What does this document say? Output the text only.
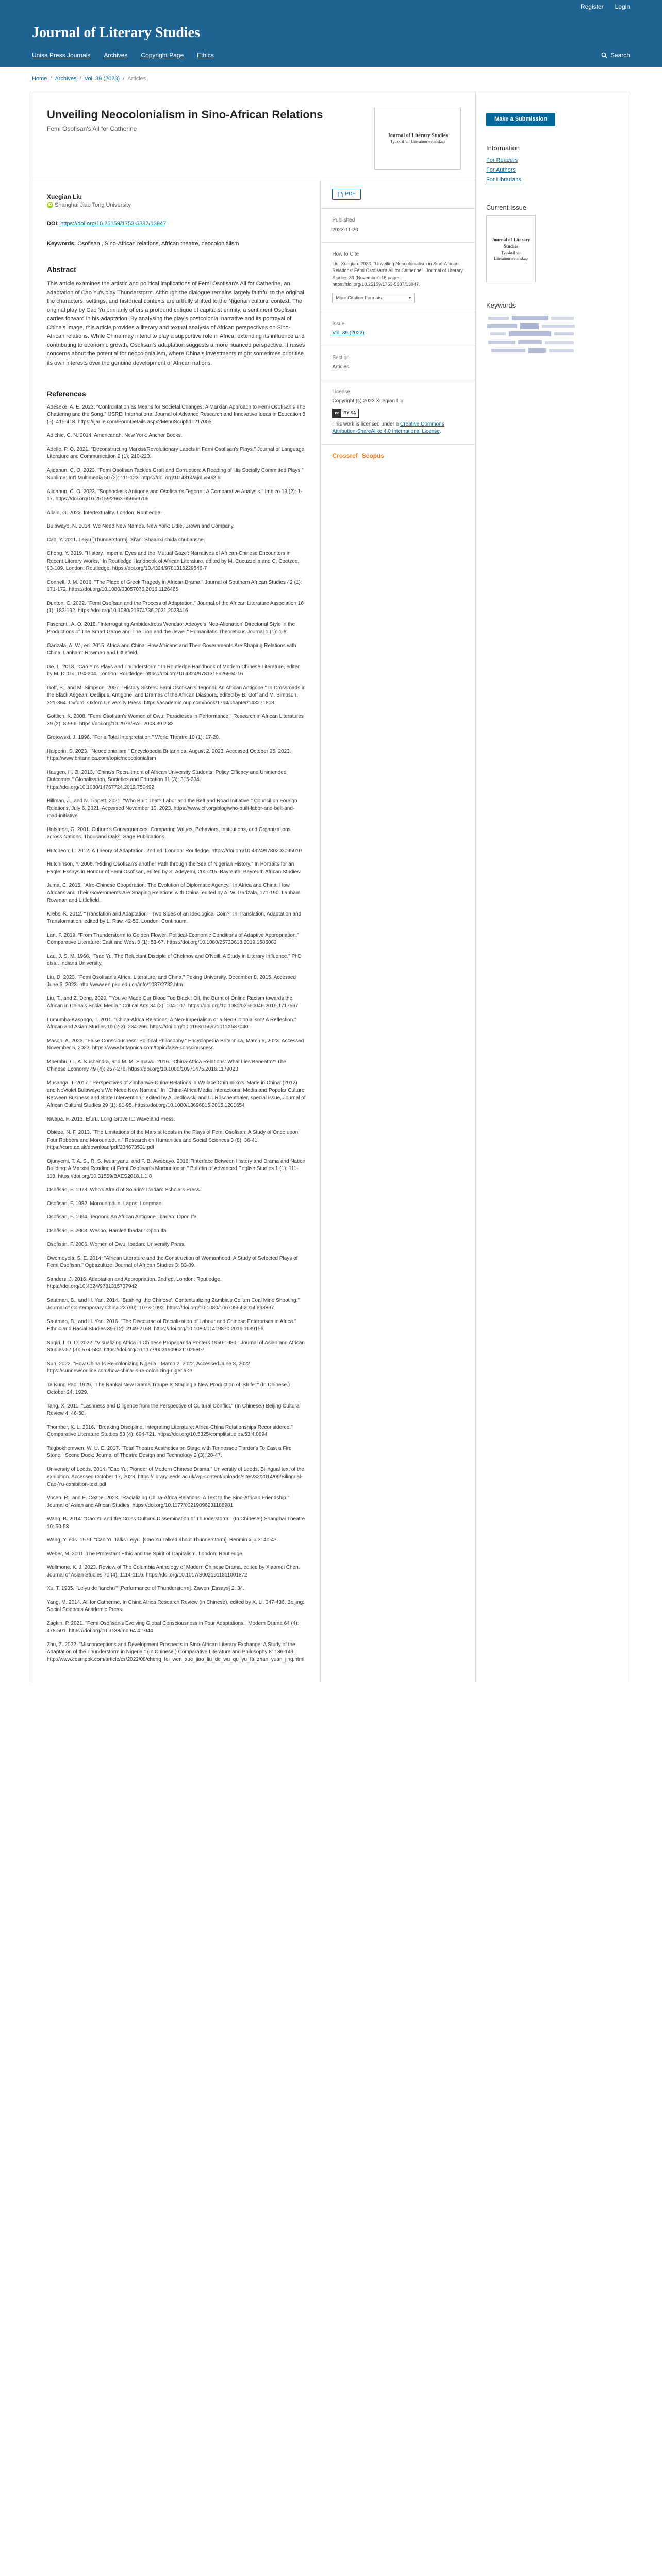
Register Login
Journal of Literary Studies
Unisa Press Journals Archives Copyright Page Ethics	Search
Home / Archives / Vol. 39 (2023) / Articles
Unveiling Neocolonialism in Sino-African Relations
Femi Osofisan's All for Catherine
Journal of Literary Studies
Tydskrif vir Literatuurwetenskap
Xuegian Liu
iD Shanghai Jiao Tong University
DOI: https://doi.org/10.25159/1753-5387/13947
Keywords: Osofisan , Sino-African relations, African theatre, neocolonialism
Abstract
This article examines the artistic and political implications of Femi Osofisan's All for Catherine, an adaptation of Cao Yu's play Thunderstorm. Although the dialogue remains largely faithful to the original, the characters, settings, and historical contexts are artfully shifted to the Nigerian cultural context. The original play by Cao Yu primarily offers a profound critique of capitalist enmity, a sentiment Osofisan carries forward in his adaptation. By analysing the play's postcolonial narrative and its portrayal of China's image, this article provides a literary and textual analysis of African perspectives on Sino-African relations. While China may intend to play a supportive role in Africa, extending its influence and contributing to economic growth, Osofisan's adaptation suggests a more nuanced perspective. It raises concerns about the potential for neocolonialism, where China's investments might sometimes prioritise its own interests over the genuine development of African nations.
References

Adeseke, A. E. 2023. "Confrontation as Means for Societal Changes: A Marxian Approach to Femi Osofisan's The Chattering and the Song." IJSREI International Journal of Advance Research and Innovative Ideas in Education 8 (5): 415-418. https://ijariie.com/FormDetails.aspx?MenuScriptId=217005

Adichie, C. N. 2014. Americanah. New York: Anchor Books.

Adelle, P. O. 2021. "Deconstructing Marxist/Revolutionary Labels in Femi Osofisan's Plays." Journal of Language, Literature and Communication 2 (1): 210-223.

Ajidahun, C. O. 2023. "Femi Osofisan Tackles Graft and Corruption: A Reading of His Socially Committed Plays." Sublime: Int'l Multimedia 50 (2): 111-123. https://doi.org/10.4314/ajol.v50i2.6

Ajidahun, C. O. 2023. "Sophocles's Antigone and Osofisan's Tegonni: A Comparative Analysis." Imbizo 13 (2): 1-17. https://doi.org/10.25159/2663-6565/9706

Allain, G. 2022. Intertextuality. London: Routledge.

Bulawayo, N. 2014. We Need New Names. New York: Little, Brown and Company.

Cao, Y. 2011. Leiyu [Thunderstorm]. Xi'an: Shaanxi shida chubanshe.

Chong, Y. 2019. "History, Imperial Eyes and the 'Mutual Gaze': Narratives of African-Chinese Encounters in Recent Literary Works." In Routledge Handbook of African Literature, edited by M. Cucuzzella and C. Coetzee, 93-109. London: Routledge. https://doi.org/10.4324/9781315229546-7

Connell, J. M. 2016. "The Place of Greek Tragedy in African Drama." Journal of Southern African Studies 42 (1): 171-172. https://doi.org/10.1080/03057070.2016.1126465

Dunton, C. 2022. "Femi Osofisan and the Process of Adaptation." Journal of the African Literature Association 16 (1): 182-192. https://doi.org/10.1080/21674736.2021.2023416

Fasoranti, A. O. 2018. "Interrogating Ambidextrous Wendsor Adeoye's 'Neo-Alienation' Directorial Style in the Productions of The Smart Game and The Lion and the Jewel." Humanitatis Theoreticus Journal 1 (1): 1-8.

Gadzala, A. W., ed. 2015. Africa and China: How Africans and Their Governments Are Shaping Relations with China. Lanham: Rowman and Littlefield.

Ge, L. 2018. "Cao Yu's Plays and Thunderstorm." In Routledge Handbook of Modern Chinese Literature, edited by M. D. Gu, 194-204. London: Routledge. https://doi.org/10.4324/9781315626994-16

Goff, B., and M. Simpson. 2007. "History Sisters: Femi Osofisan's Tegonni: An African Antigone." In Crossroads in the Black Aegean: Oedipus, Antigone, and Dramas of the African Diaspora, edited by B. Goff and M. Simpson, 321-364. Oxford: Oxford University Press. https://academic.oup.com/book/1794/chapter/143271803

Göttlich, K. 2008. "Femi Osofisan's Women of Owu: Paradiesos in Performance." Research in African Literatures 39 (2): 82-96. https://doi.org/10.2979/RAL.2008.39.2.82

Grotowski, J. 1996. "For a Total Interpretation." World Theatre 10 (1): 17-20.

Halperin, S. 2023. "Neocolonialism." Encyclopedia Britannica, August 2, 2023. Accessed October 25, 2023. https://www.britannica.com/topic/neocolonialism

Haugen, H. Ø. 2013. "China's Recruitment of African University Students: Policy Efficacy and Unintended Outcomes." Globalisation, Societies and Education 11 (3): 315-334. https://doi.org/10.1080/14767724.2012.750492

Hillman, J., and N. Tippett. 2021. "Who Built That? Labor and the Belt and Road Initiative." Council on Foreign Relations, July 6, 2021. Accessed November 10, 2023. https://www.cfr.org/blog/who-built-labor-and-belt-and-road-initiative

Hofstede, G. 2001. Culture's Consequences: Comparing Values, Behaviors, Institutions, and Organizations across Nations. Thousand Oaks: Sage Publications.

Hutcheon, L. 2012. A Theory of Adaptation. 2nd ed. London: Routledge. https://doi.org/10.4324/9780203095010

Hutchinson, Y. 2006. "Riding Osofisan's another Path through the Sea of Nigerian History." In Portraits for an Eagle: Essays in Honour of Femi Osofisan, edited by S. Adeyemi, 200-215. Bayreuth: Bayreuth African Studies.

Juma, C. 2015. "Afro-Chinese Cooperation: The Evolution of Diplomatic Agency." In Africa and China: How Africans and Their Governments Are Shaping Relations with China, edited by A. W. Gadzala, 171-190. Lanham: Rowman and Littlefield.

Krebs, K. 2012. "Translation and Adaptation—Two Sides of an Ideological Coin?" In Translation, Adaptation and Transformation, edited by L. Raw, 42-53. London: Continuum.

Lan, F. 2019. "From Thunderstorm to Golden Flower: Political-Economic Conditions of Adaptive Appropriation." Comparative Literature: East and West 3 (1): 53-67. https://doi.org/10.1080/25723618.2019.1586082

Lau, J. S. M. 1966. "Tsao Yu, The Reluctant Disciple of Chekhov and O'Neill: A Study in Literary Influence." PhD diss., Indiana University.

Liu, D. 2023. "Femi Osofisan's Africa, Literature, and China." Peking University, December 8, 2015. Accessed June 6, 2023. http://www.en.pku.edu.cn/info/1037/2782.htm

Liu, T., and Z. Deng. 2020. "'You've Made Our Blood Too Black': Oil, the Burnt of Online Racism towards the African in China's Social Media." Critical Arts 34 (2): 104-107. https://doi.org/10.1080/02560046.2019.1717567

Lumumba-Kasongo, T. 2011. "China-Africa Relations: A Neo-Imperialism or a Neo-Colonialism? A Reflection." African and Asian Studies 10 (2-3): 234-266. https://doi.org/10.1163/156921011X587040

Mason, A. 2023. "False Consciousness: Political Philosophy." Encyclopedia Britannica, March 6, 2023. Accessed November 5, 2023. https://www.britannica.com/topic/false-consciousness

Mbembu, C., A. Kushendra, and M. M. Simawu. 2016. "China-Africa Relations: What Lies Beneath?" The Chinese Economy 49 (4): 257-276. https://doi.org/10.1080/10971475.2016.1179023

Musanga, T. 2017. "Perspectives of Zimbabwe-China Relations in Wallace Chirumiko's 'Made in China' (2012) and NoViolet Bulawayo's We Need New Names." In "China-Africa Media Interactions: Media and Popular Culture Between Business and State Intervention," edited by A. Jedlowski and U. Röschenthaler, special issue, Journal of African Cultural Studies 29 (1): 81-95. https://doi.org/10.1080/13696815.2015.1201654

Nwapa, F. 2013. Efuru. Long Grove IL: Waveland Press.

Obieze, N. F. 2013. "The Limitations of the Marxist Ideals in the Plays of Femi Osofisan: A Study of Once upon Four Robbers and Morountodun." Research on Humanities and Social Sciences 3 (8): 36-41. https://core.ac.uk/download/pdf/234673531.pdf

Ojunyemi, T. A. S., R. S. Iwuanyanu, and F. B. Awobayo. 2016. "Interface Between History and Drama and Nation Building: A Marxist Reading of Femi Osofisan's Morountodun." Bulletin of Advanced English Studies 1 (1): 111-118. https://doi.org/10.31559/BAES2018.1.1.8

Osofisan, F. 1978. Who's Afraid of Solarin? Ibadan: Scholars Press.

Osofisan, F. 1982. Morountodun. Lagos: Longman.

Osofisan, F. 1994. Tegonni: An African Antigone. Ibadan: Opon Ifa.

Osofisan, F. 2003. Wesoo, Hamlet! Ibadan: Opon Ifa.

Osofisan, F. 2006. Women of Owu. Ibadan: University Press.

Owomoyela, S. E. 2014. "African Literature and the Construction of Womanhood: A Study of Selected Plays of Femi Osofisan." Ogbazuluze: Journal of African Studies 3: 83-89.

Sanders, J. 2016. Adaptation and Appropriation. 2nd ed. London: Routledge. https://doi.org/10.4324/9781315737942

Sautman, B., and H. Yan. 2014. "Bashing 'the Chinese': Contextualizing Zambia's Collum Coal Mine Shooting." Journal of Contemporary China 23 (90): 1073-1092. https://doi.org/10.1080/10670564.2014.898897

Sautman, B., and H. Yan. 2016. "The Discourse of Racialization of Labour and Chinese Enterprises in Africa." Ethnic and Racial Studies 39 (12): 2149-2168. https://doi.org/10.1080/01419870.2016.1139156

Sugiri, I. D. O. 2022. "Visualizing Africa in Chinese Propaganda Posters 1950-1980." Journal of Asian and African Studies 57 (3): 574-582. https://doi.org/10.1177/00219096211025807

Sun, 2022. "How China Is Re-colonizing Nigeria." March 2, 2022. Accessed June 8, 2022. https://sunnewsonline.com/how-china-is-re-colonizing-nigeria-2/

Ta Kung Pao. 1929. "The Nankai New Drama Troupe Is Staging a New Production of 'Strife'." (In Chinese.) October 24, 1929.

Tang, X. 2011. "Lashness and Diligence from the Perspective of Cultural Conflict." (In Chinese.) Beijing Cultural Review 4: 46-50.

Thornber, K. L. 2016. "Breaking Discipline, Integrating Literature: Africa-China Relationships Reconsidered." Comparative Literature Studies 53 (4): 694-721. https://doi.org/10.5325/complitstudies.53.4.0694

Tsigbokhemwen, W. U. E. 2017. "Total Theatre Aesthetics on Stage with Tennessee Tiarder's To Cast a Fire Stone." Scene Dock: Journal of Theatre Design and Technology 2 (3): 28-47.

University of Leeds. 2014. "Cao Yu: Pioneer of Modern Chinese Drama." University of Leeds, Bilingual text of the exhibition. Accessed October 17, 2023. https://library.leeds.ac.uk/wp-content/uploads/sites/32/2014/09/Bilingual-Cao-Yu-exhibition-text.pdf

Vosen, R., and E. Cezne. 2023. "Racializing China-Africa Relations: A Text to the Sino-African Friendship." Journal of Asian and African Studies. https://doi.org/10.1177/00219096231188981

Wang, B. 2014. "Cao Yu and the Cross-Cultural Dissemination of Thunderstorm." (In Chinese.) Shanghai Theatre 10: 50-53.

Wang, Y. eds. 1979. "Cao Yu Talks Leiyu" [Cao Yu Talked about Thunderstorm]. Renmin xiju 3: 40-47.

Weber, M. 2001. The Protestant Ethic and the Spirit of Capitalism. London: Routledge.

Wellmone, K. J. 2023. Review of The Columbia Anthology of Modern Chinese Drama, edited by Xiaomei Chen. Journal of Asian Studies 70 (4): 1114-1116. https://doi.org/10.1017/S0021911811001872

Xu, T. 1935. "Leiyu de 'tanchu'" [Performance of Thunderstorm]. Zawen [Essays] 2: 34.

Yang, M. 2014. All for Catherine. In China Africa Research Review (in Chinese), edited by X. Li, 347-436. Beijing: Social Sciences Academic Press.

Zagkin, P. 2021. "Femi Osofisan's Evolving Global Consciousness in Four Adaptations." Modern Drama 64 (4): 478-501. https://doi.org/10.3138/md.64.4.1044

Zhu, Z. 2022. "Misconceptions and Development Prospects in Sino-African Literary Exchange: A Study of the Adaptation of the Thunderstorm in Nigeria." (In Chinese.) Comparative Literature and Philosophy 8: 136-149. http://www.cesmpbk.com/article/cs/2022/08/cheng_fei_wen_xue_jiao_liu_de_wu_qu_yu_fa_zhan_yuan_jing.html

PDF
Published
2023-11-20
How to Cite
Liu, Xuegian. 2023. "Unveiling Neocolonialism in Sino-African Relations: Femi Osofisan's All for Catherine". Journal of Literary Studies 39 (November):16 pages. https://doi.org/10.25159/1753-5387/13947.
More Citation Formats	▾
Issue
Vol. 39 (2023)
Section
Articles
License
Copyright (c) 2023 Xuegian Liu
cc	BY SA
This work is licensed under a Creative Commons Attribution-ShareAlike 4.0 International License.
Crossref Scopus
Make a Submission
Information
For Readers
For Authors
For Librarians
Current Issue
Journal of Literary Studies
Tydskrif vir Literatuurwetenskap
Keywords
